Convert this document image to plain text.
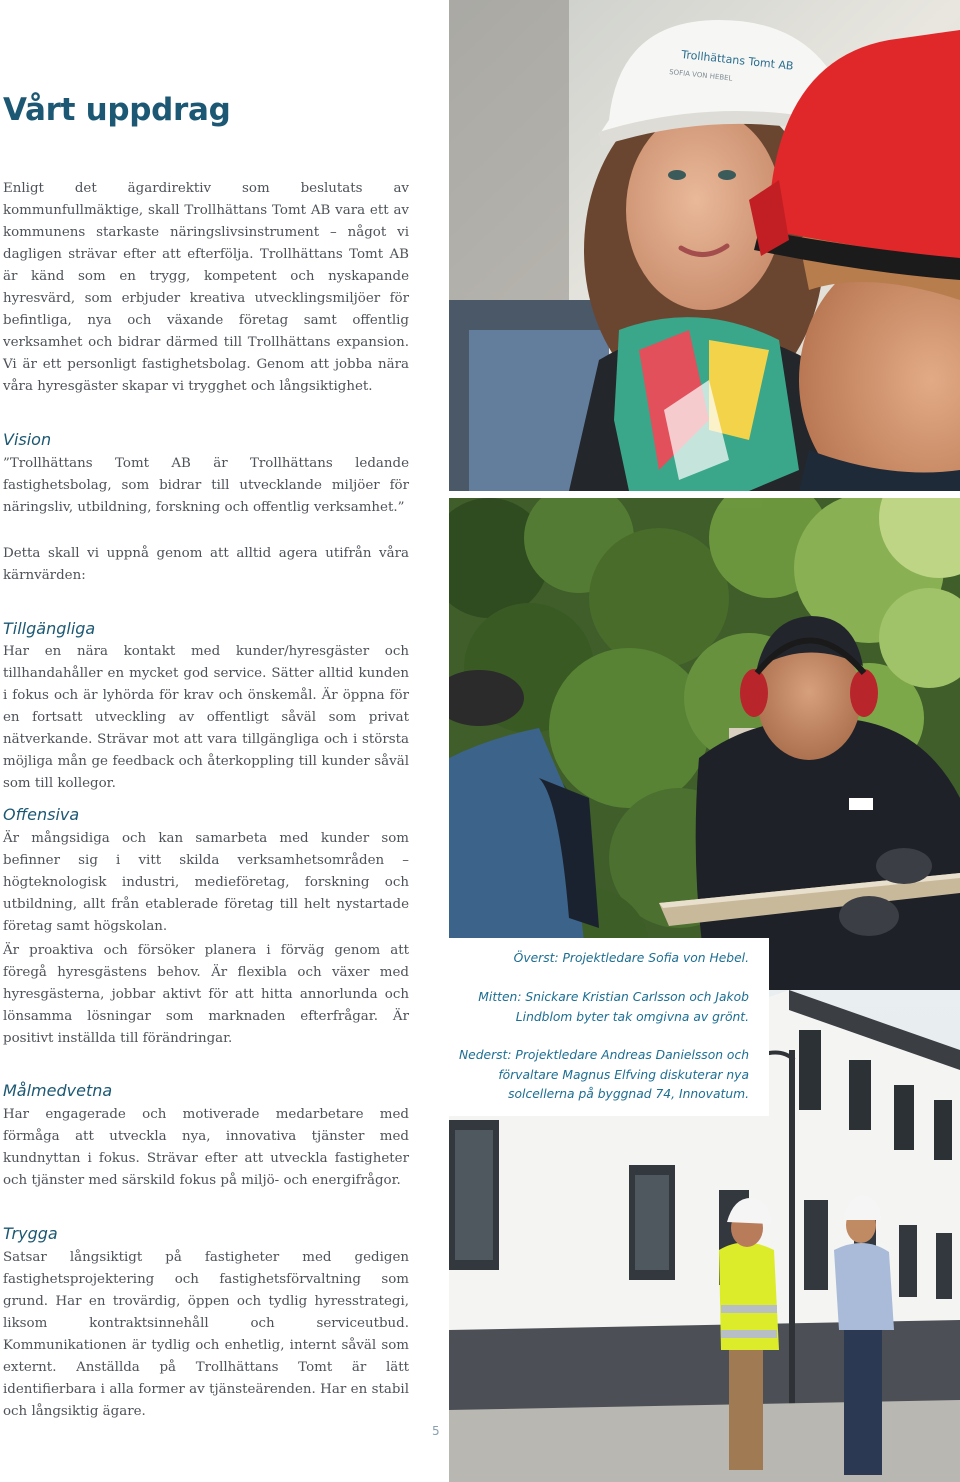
Vårt uppdrag

Enligt det ägardirektiv som beslutats av kommunfullmäktige, skall Trollhättans Tomt AB vara ett av kommunens starkaste näringslivsinstrument – något vi dagligen strävar efter att efterfölja. Trollhättans Tomt AB är känd som en trygg, kompetent och nyskapande hyresvärd, som erbjuder kreativa utvecklingsmiljöer för befintliga, nya och växande företag samt offentlig verksamhet och bidrar därmed till Trollhättans expansion. Vi är ett personligt fastighetsbolag. Genom att jobba nära våra hyresgäster skapar vi trygghet och långsiktighet.

Vision

”Trollhättans Tomt AB är Trollhättans ledande fastighetsbolag, som bidrar till utvecklande miljöer för näringsliv, utbildning, forskning och offentlig verksamhet.”

Detta skall vi uppnå genom att alltid agera utifrån våra kärnvärden:

Tillgängliga

Har en nära kontakt med kunder/hyresgäster och tillhandahåller en mycket god service. Sätter alltid kunden i fokus och är lyhörda för krav och önskemål. Är öppna för en fortsatt utveckling av offentligt såväl som privat nätverkande. Strävar mot att vara tillgängliga och i största möjliga mån ge feedback och återkoppling till kunder såväl som till kollegor.

Offensiva

Är mångsidiga och kan samarbeta med kunder som befinner sig i vitt skilda verksamhetsområden – högteknologisk industri, medieföretag, forskning och utbildning, allt från etablerade företag till helt nystartade företag samt högskolan.

Är proaktiva och försöker planera i förväg genom att föregå hyresgästens behov. Är flexibla och växer med hyresgästerna, jobbar aktivt för att hitta annorlunda och lönsamma lösningar som marknaden efterfrågar. Är positivt inställda till förändringar.

Målmedvetna

Har engagerade och motiverade medarbetare med förmåga att utveckla nya, innovativa tjänster med kundnyttan i fokus. Strävar efter att utveckla fastigheter och tjänster med särskild fokus på miljö- och energifrågor.

Trygga

Satsar långsiktigt på fastigheter med gedigen fastighetsprojektering och fastighetsförvaltning som grund. Har en trovärdig, öppen och tydlig hyresstrategi, liksom kontraktsinnehåll och serviceutbud. Kommunikationen är tydlig och enhetlig, internt såväl som externt. Anställda på Trollhättans Tomt är lätt identifierbara i alla former av tjänsteärenden. Har en stabil och långsiktig ägare.

Trollhättans Tomt AB
SOFIA VON HEBEL

Överst: Projektledare Sofia von Hebel.

Mitten: Snickare Kristian Carlsson och Jakob Lindblom byter tak omgivna av grönt.

Nederst: Projektledare Andreas Danielsson och förvaltare Magnus Elfving diskuterar nya solcellerna på byggnad 74, Innovatum.

5
